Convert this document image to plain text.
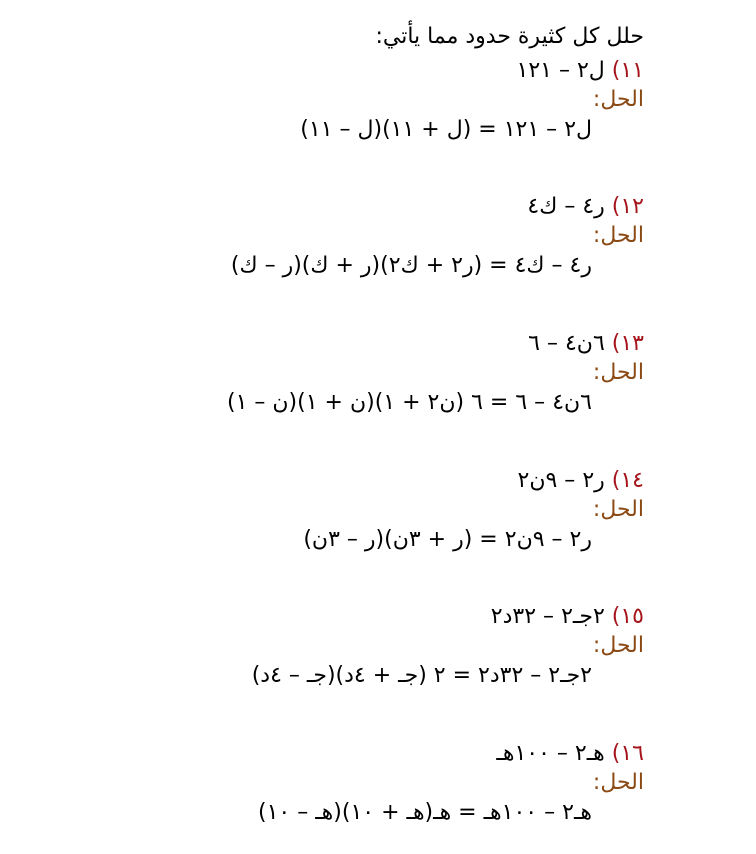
حلل كل كثيرة حدود مما يأتي:
١١) ل٢ – ١٢١
الحل:
ل٢ – ١٢١ = (ل + ١١)(ل – ١١)
١٢) ر٤ – ك٤
الحل:
ر٤ – ك٤ = (ر٢ + ك٢)(ر + ك)(ر – ك)
١٣) ٦ن٤ – ٦
الحل:
٦ن٤ – ٦ = ٦ (ن٢ + ١)(ن + ١)(ن – ١)
١٤) ر٢ – ٩ن٢
الحل:
ر٢ – ٩ن٢ = (ر + ٣ن)(ر – ٣ن)
١٥) ٢جـ٢ – ٣٢د٢
الحل:
٢جـ٢ – ٣٢د٢ = ٢ (جـ + ٤د)(جـ – ٤د)
١٦) هـ٢ – ١٠٠هـ
الحل:
هـ٢ – ١٠٠هـ = هـ(هـ + ١٠)(هـ – ١٠)
